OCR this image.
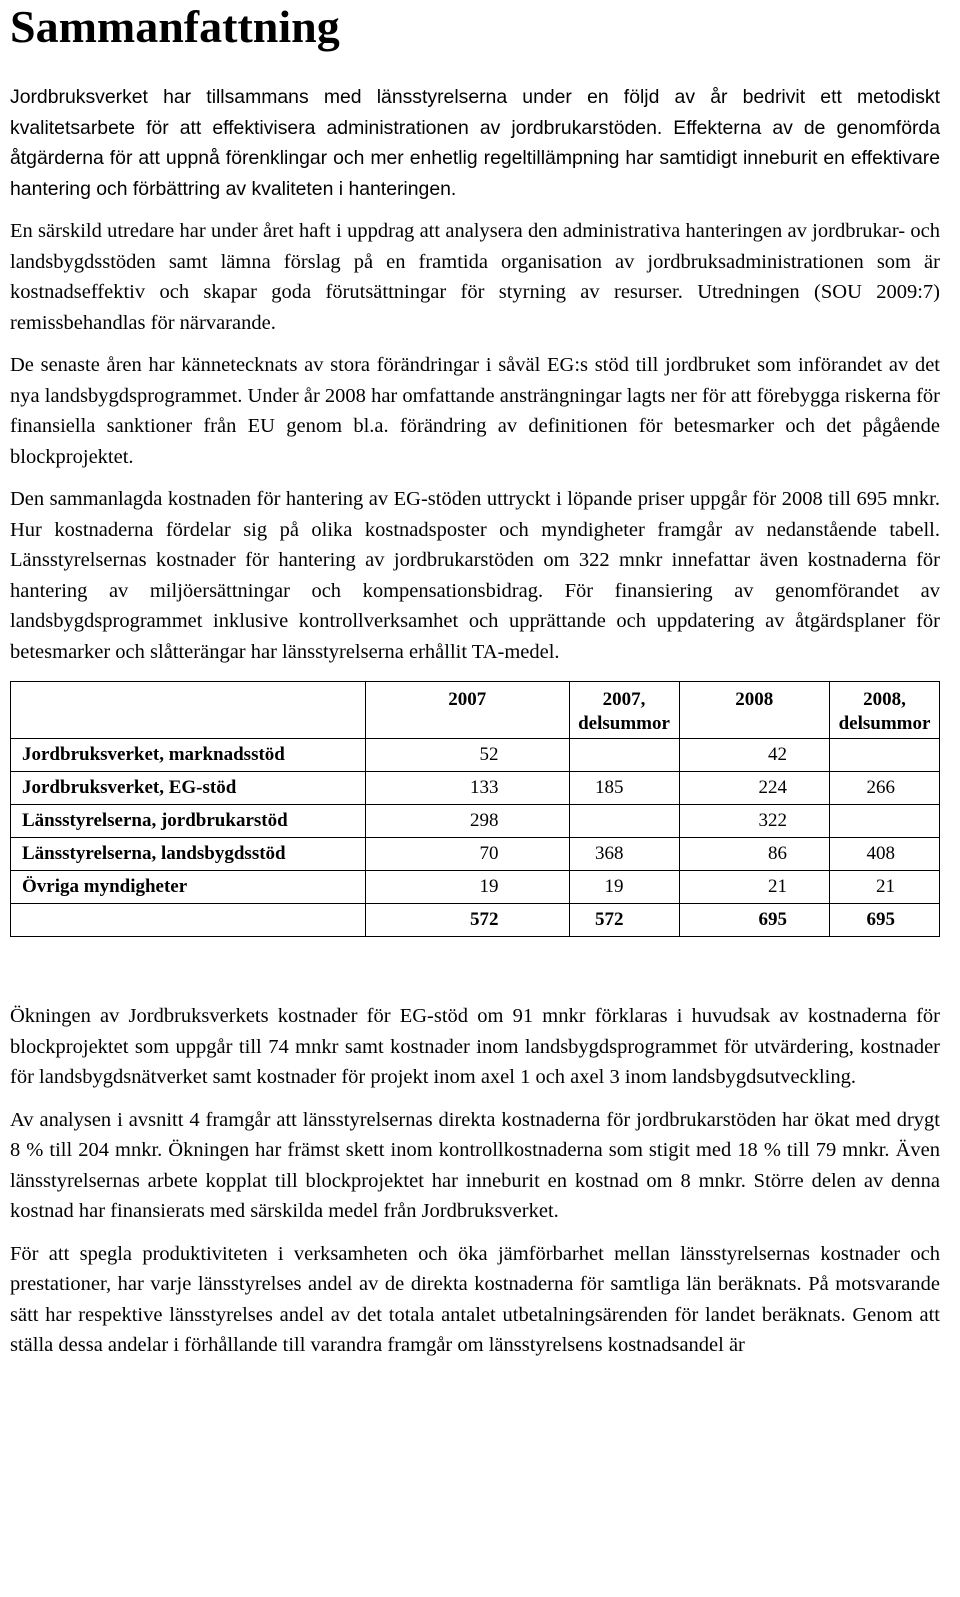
Sammanfattning

Jordbruksverket har tillsammans med länsstyrelserna under en följd av år bedrivit ett metodiskt kvalitetsarbete för att effektivisera administrationen av jordbrukarstöden. Effekterna av de genomförda åtgärderna för att uppnå förenklingar och mer enhetlig regeltillämpning har samtidigt inneburit en effektivare hantering och förbättring av kvaliteten i hanteringen.

En särskild utredare har under året haft i uppdrag att analysera den administrativa hanteringen av jordbrukar- och landsbygdsstöden samt lämna förslag på en framtida organisation av jordbruksadministrationen som är kostnadseffektiv och skapar goda förutsättningar för styrning av resurser. Utredningen (SOU 2009:7) remissbehandlas för närvarande.

De senaste åren har kännetecknats av stora förändringar i såväl EG:s stöd till jordbruket som införandet av det nya landsbygdsprogrammet. Under år 2008 har omfattande ansträngningar lagts ner för att förebygga riskerna för finansiella sanktioner från EU genom bl.a. förändring av definitionen för betesmarker och det pågående blockprojektet.

Den sammanlagda kostnaden för hantering av EG-stöden uttryckt i löpande priser uppgår för 2008 till 695 mnkr. Hur kostnaderna fördelar sig på olika kostnadsposter och myndigheter framgår av nedanstående tabell. Länsstyrelsernas kostnader för hantering av jordbrukarstöden om 322 mnkr innefattar även kostnaderna för hantering av miljöersättningar och kompensationsbidrag. För finansiering av genomförandet av landsbygdsprogrammet inklusive kontrollverksamhet och upprättande och uppdatering av åtgärdsplaner för betesmarker och slåtterängar har länsstyrelserna erhållit TA-medel.

	2007	2007, delsummor	2008	2008, delsummor
Jordbruksverket, marknadsstöd	52		42	
Jordbruksverket, EG-stöd	133	185	224	266
Länsstyrelserna, jordbrukarstöd	298		322	
Länsstyrelserna, landsbygdsstöd	70	368	86	408
Övriga myndigheter	19	19	21	21
	572	572	695	695

Ökningen av Jordbruksverkets kostnader för EG-stöd om 91 mnkr förklaras i huvudsak av kostnaderna för blockprojektet som uppgår till 74 mnkr samt kostnader inom landsbygdsprogrammet för utvärdering, kostnader för landsbygdsnätverket samt kostnader för projekt inom axel 1 och axel 3 inom landsbygdsutveckling.

Av analysen i avsnitt 4 framgår att länsstyrelsernas direkta kostnaderna för jordbrukarstöden har ökat med drygt 8 % till 204 mnkr. Ökningen har främst skett inom kontrollkostnaderna som stigit med 18 % till 79 mnkr. Även länsstyrelsernas arbete kopplat till blockprojektet har inneburit en kostnad om 8 mnkr. Större delen av denna kostnad har finansierats med särskilda medel från Jordbruksverket.

För att spegla produktiviteten i verksamheten och öka jämförbarhet mellan länsstyrelsernas kostnader och prestationer, har varje länsstyrelses andel av de direkta kostnaderna för samtliga län beräknats. På motsvarande sätt har respektive länsstyrelses andel av det totala antalet utbetalningsärenden för landet beräknats. Genom att ställa dessa andelar i förhållande till varandra framgår om länsstyrelsens kostnadsandel är
